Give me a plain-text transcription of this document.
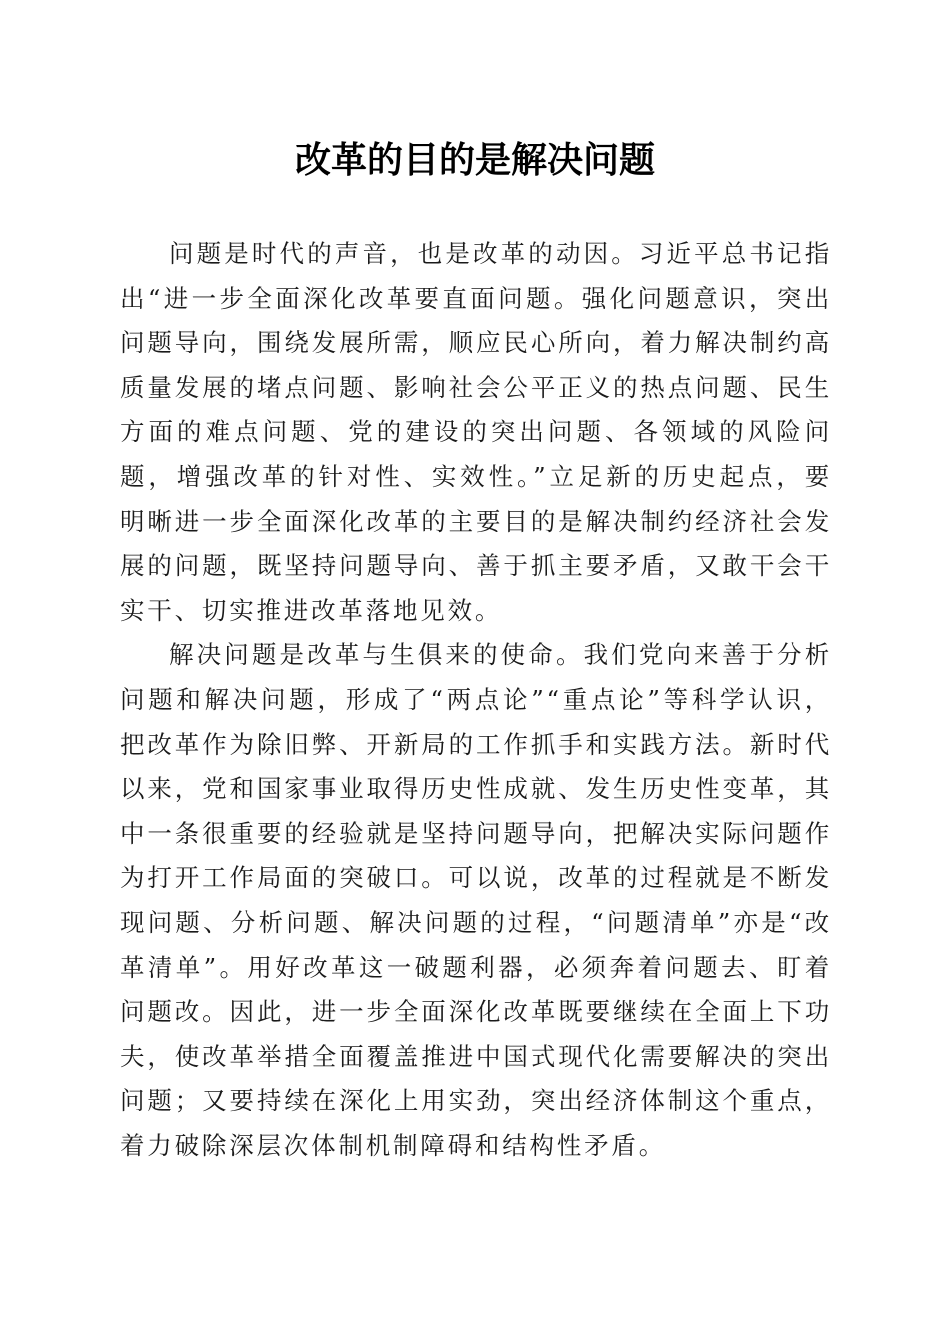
改革的目的是解决问题

问题是时代的声音，也是改革的动因。习近平总书记指出“进一步全面深化改革要直面问题。强化问题意识，突出问题导向，围绕发展所需，顺应民心所向，着力解决制约高质量发展的堵点问题、影响社会公平正义的热点问题、民生方面的难点问题、党的建设的突出问题、各领域的风险问题，增强改革的针对性、实效性。”立足新的历史起点，要明晰进一步全面深化改革的主要目的是解决制约经济社会发展的问题，既坚持问题导向、善于抓主要矛盾，又敢干会干实干、切实推进改革落地见效。

解决问题是改革与生俱来的使命。我们党向来善于分析问题和解决问题，形成了“两点论”“重点论”等科学认识，把改革作为除旧弊、开新局的工作抓手和实践方法。新时代以来，党和国家事业取得历史性成就、发生历史性变革，其中一条很重要的经验就是坚持问题导向，把解决实际问题作为打开工作局面的突破口。可以说，改革的过程就是不断发现问题、分析问题、解决问题的过程，“问题清单”亦是“改革清单”。用好改革这一破题利器，必须奔着问题去、盯着问题改。因此，进一步全面深化改革既要继续在全面上下功夫，使改革举措全面覆盖推进中国式现代化需要解决的突出问题；又要持续在深化上用实劲，突出经济体制这个重点，着力破除深层次体制机制障碍和结构性矛盾。
